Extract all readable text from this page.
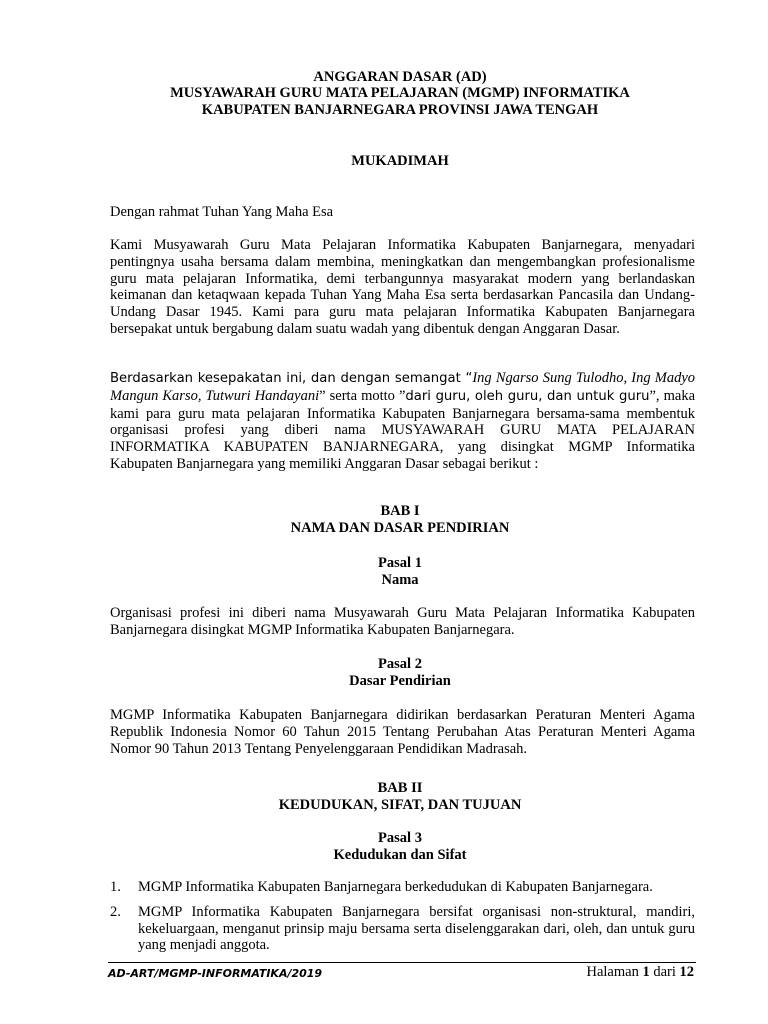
ANGGARAN DASAR (AD)
MUSYAWARAH GURU MATA PELAJARAN (MGMP) INFORMATIKA
KABUPATEN BANJARNEGARA PROVINSI JAWA TENGAH
MUKADIMAH
Dengan rahmat Tuhan Yang Maha Esa
Kami Musyawarah Guru Mata Pelajaran Informatika Kabupaten Banjarnegara, menyadari pentingnya usaha bersama dalam membina, meningkatkan dan mengembangkan profesionalisme guru mata pelajaran Informatika, demi terbangunnya masyarakat modern yang berlandaskan keimanan dan ketaqwaan kepada Tuhan Yang Maha Esa serta berdasarkan Pancasila dan Undang-Undang Dasar 1945. Kami para guru mata pelajaran Informatika Kabupaten Banjarnegara bersepakat untuk bergabung dalam suatu wadah yang dibentuk dengan Anggaran Dasar.
Berdasarkan kesepakatan ini, dan dengan semangat “Ing Ngarso Sung Tulodho, Ing Madyo Mangun Karso, Tutwuri Handayani” serta motto ”dari guru, oleh guru, dan untuk guru”, maka kami para guru mata pelajaran Informatika Kabupaten Banjarnegara bersama-sama membentuk organisasi profesi yang diberi nama MUSYAWARAH GURU MATA PELAJARAN INFORMATIKA KABUPATEN BANJARNEGARA, yang disingkat MGMP Informatika Kabupaten Banjarnegara yang memiliki Anggaran Dasar sebagai berikut :
BAB I
NAMA DAN DASAR PENDIRIAN
Pasal 1
Nama
Organisasi profesi ini diberi nama Musyawarah Guru Mata Pelajaran Informatika Kabupaten Banjarnegara disingkat MGMP Informatika Kabupaten Banjarnegara.
Pasal 2
Dasar Pendirian
MGMP Informatika Kabupaten Banjarnegara didirikan berdasarkan Peraturan Menteri Agama Republik Indonesia Nomor 60 Tahun 2015 Tentang Perubahan Atas Peraturan Menteri Agama Nomor 90 Tahun 2013 Tentang Penyelenggaraan Pendidikan Madrasah.
BAB II
KEDUDUKAN, SIFAT, DAN TUJUAN
Pasal 3
Kedudukan dan Sifat
1.	MGMP Informatika Kabupaten Banjarnegara berkedudukan di Kabupaten Banjarnegara.
2.	MGMP Informatika Kabupaten Banjarnegara bersifat organisasi non-struktural, mandiri, kekeluargaan, menganut prinsip maju bersama serta diselenggarakan dari, oleh, dan untuk guru yang menjadi anggota.
AD-ART/MGMP-INFORMATIKA/2019	Halaman 1 dari 12
